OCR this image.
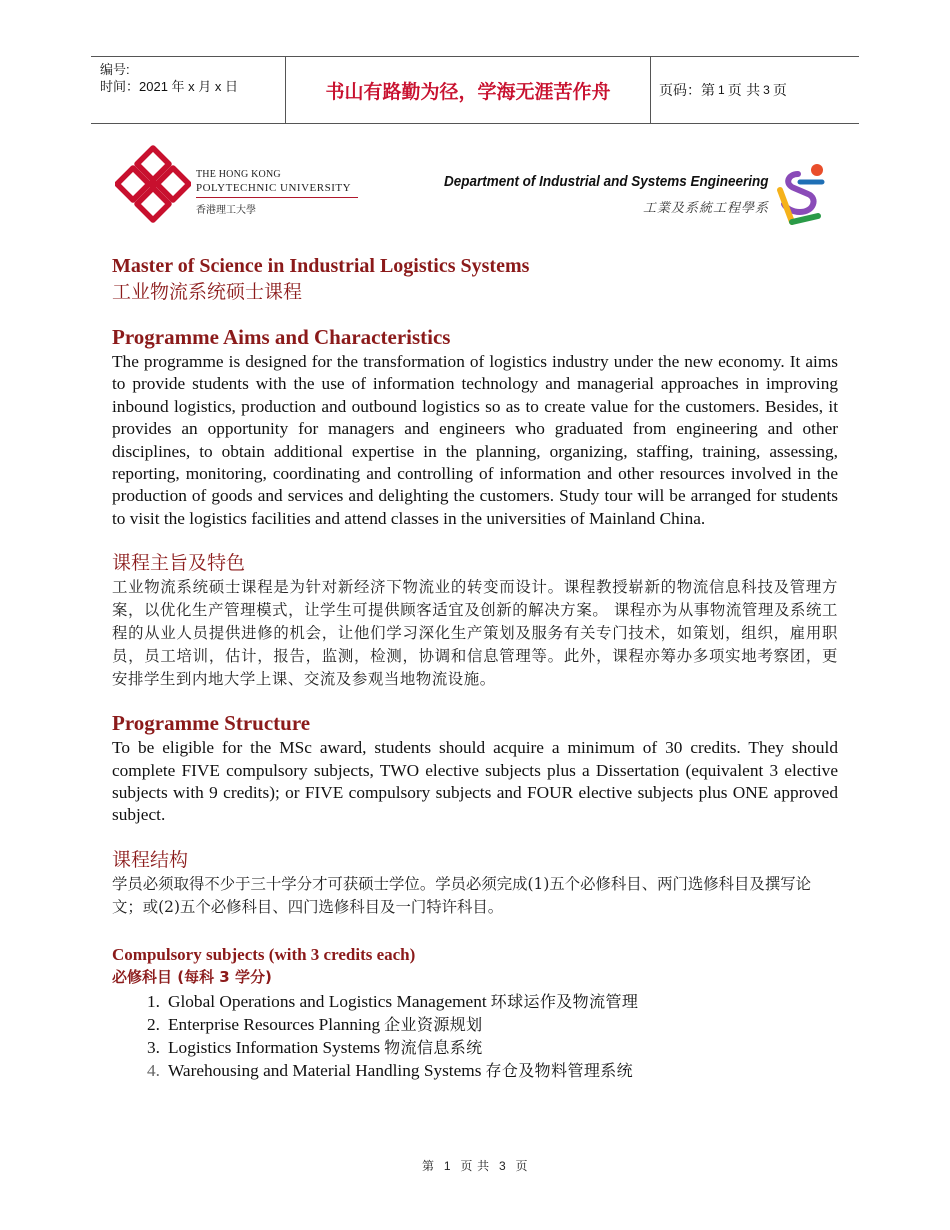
编号:
时间：2021 年 x 月 x 日	书山有路勤为径，学海无涯苦作舟	页码：第 1 页 共 3 页
THE HONG KONG
POLYTECHNIC UNIVERSITY
香港理工大學
Department of Industrial and Systems Engineering
工業及系統工程學系
Master of Science in Industrial Logistics Systems
工业物流系统硕士课程
Programme Aims and Characteristics

The programme is designed for the transformation of logistics industry under the new economy. It aims to provide students with the use of information technology and managerial approaches in improving inbound logistics, production and outbound logistics so as to create value for the customers. Besides, it provides an opportunity for managers and engineers who graduated from engineering and other disciplines, to obtain additional expertise in the planning, organizing, staffing, training, assessing, reporting, monitoring, coordinating and controlling of information and other resources involved in the production of goods and services and delighting the customers. Study tour will be arranged for students to visit the logistics facilities and attend classes in the universities of Mainland China.

课程主旨及特色

工业物流系统硕士课程是为针对新经济下物流业的转变而设计。课程教授崭新的物流信息科技及管理方案，以优化生产管理模式，让学生可提供顾客适宜及创新的解决方案。 课程亦为从事物流管理及系统工程的从业人员提供进修的机会，让他们学习深化生产策划及服务有关专门技术，如策划，组织，雇用职员，员工培训，估计，报告，监测，检测，协调和信息管理等。此外，课程亦筹办多项实地考察团，更安排学生到内地大学上课、交流及参观当地物流设施。

Programme Structure

To be eligible for the MSc award, students should acquire a minimum of 30 credits. They should complete FIVE compulsory subjects, TWO elective subjects plus a Dissertation (equivalent 3 elective subjects with 9 credits); or FIVE compulsory subjects and FOUR elective subjects plus ONE approved subject.

课程结构

学员必须取得不少于三十学分才可获硕士学位。学员必须完成(1)五个必修科目、两门选修科目及撰写论文；或(2)五个必修科目、四门选修科目及一门特许科目。

Compulsory subjects (with 3 credits each)
必修科目 (每科 3 学分)
1. Global Operations and Logistics Management 环球运作及物流管理
2. Enterprise Resources Planning 企业资源规划
3. Logistics Information Systems 物流信息系统
4. Warehousing and Material Handling Systems 存仓及物料管理系统
第 1 页 共 3 页
